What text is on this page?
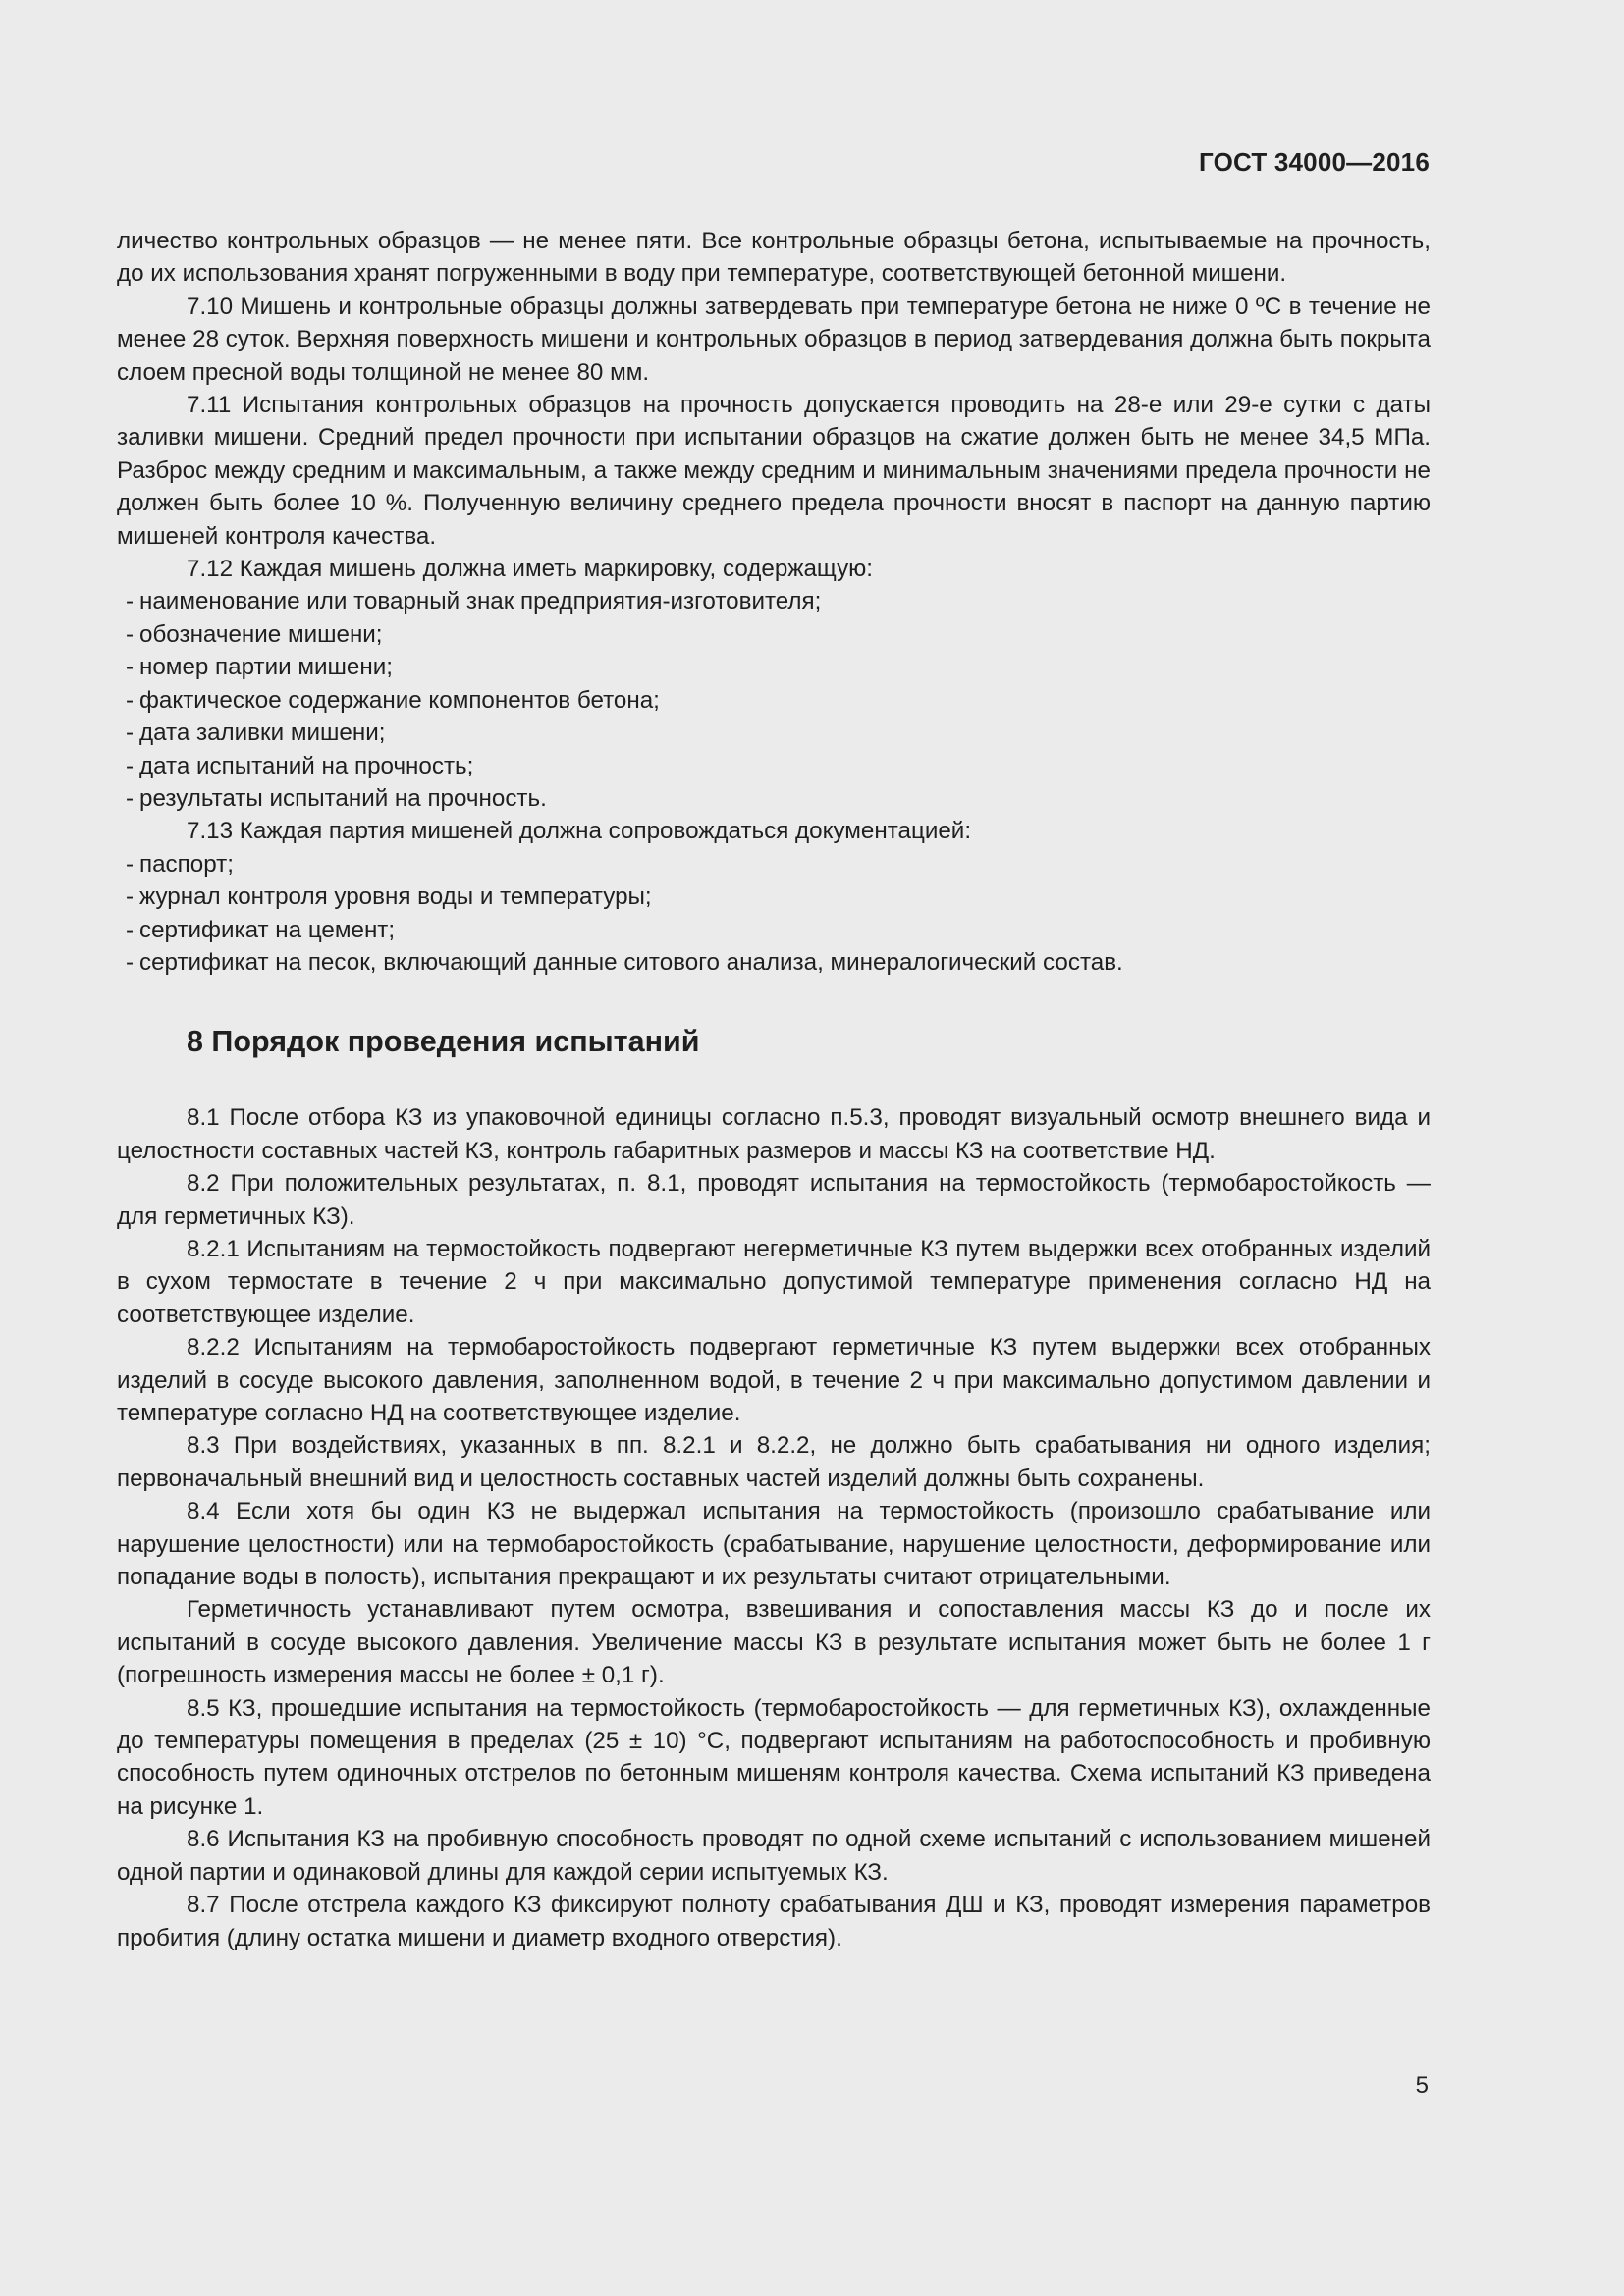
ГОСТ 34000—2016

личество контрольных образцов — не менее пяти. Все контрольные образцы бетона, испытываемые на прочность, до их использования хранят погруженными в воду при температуре, соответствующей бетонной мишени.

7.10 Мишень и контрольные образцы должны затвердевать при температуре бетона не ниже 0 ºС в течение не менее 28 суток. Верхняя поверхность мишени и контрольных образцов в период затвердевания должна быть покрыта слоем пресной воды толщиной не менее 80 мм.

7.11 Испытания контрольных образцов на прочность допускается проводить на 28-е или 29-е сутки с даты заливки мишени. Средний предел прочности при испытании образцов на сжатие должен быть не менее 34,5 МПа. Разброс между средним и максимальным, а также между средним и минимальным значениями предела прочности не должен быть более 10 %. Полученную величину среднего предела прочности вносят в паспорт на данную партию мишеней контроля качества.

7.12 Каждая мишень должна иметь маркировку, содержащую:

- наименование или товарный знак предприятия-изготовителя;

- обозначение мишени;

- номер партии мишени;

- фактическое содержание компонентов бетона;

- дата заливки мишени;

- дата испытаний на прочность;

- результаты испытаний на прочность.

7.13 Каждая партия мишеней должна сопровождаться документацией:

- паспорт;

- журнал контроля уровня воды и температуры;

- сертификат на цемент;

- сертификат на песок, включающий данные ситового анализа, минералогический состав.

8 Порядок проведения испытаний

8.1 После отбора КЗ из упаковочной единицы согласно п.5.3, проводят визуальный осмотр внешнего вида и целостности составных частей КЗ, контроль габаритных размеров и массы КЗ на соответствие НД.

8.2 При положительных результатах, п. 8.1, проводят испытания на термостойкость (термобаростойкость — для герметичных КЗ).

8.2.1 Испытаниям на термостойкость подвергают негерметичные КЗ путем выдержки всех отобранных изделий в сухом термостате в течение 2 ч при максимально допустимой температуре применения согласно НД на соответствующее изделие.

8.2.2 Испытаниям на термобаростойкость подвергают герметичные КЗ путем выдержки всех отобранных изделий в сосуде высокого давления, заполненном водой, в течение 2 ч при максимально допустимом давлении и температуре согласно НД на соответствующее изделие.

8.3 При воздействиях, указанных в пп. 8.2.1 и 8.2.2, не должно быть срабатывания ни одного изделия; первоначальный внешний вид и целостность составных частей изделий должны быть сохранены.

8.4 Если хотя бы один КЗ не выдержал испытания на термостойкость (произошло срабатывание или нарушение целостности) или на термобаростойкость (срабатывание, нарушение целостности, деформирование или попадание воды в полость), испытания прекращают и их результаты считают отрицательными.

Герметичность устанавливают путем осмотра, взвешивания и сопоставления массы КЗ до и после их испытаний в сосуде высокого давления. Увеличение массы КЗ в результате испытания может быть не более 1 г (погрешность измерения массы не более ± 0,1 г).

8.5 КЗ, прошедшие испытания на термостойкость (термобаростойкость — для герметичных КЗ), охлажденные до температуры помещения в пределах (25 ± 10) °С, подвергают испытаниям на работоспособность и пробивную способность путем одиночных отстрелов по бетонным мишеням контроля качества. Схема испытаний КЗ приведена на рисунке 1.

8.6 Испытания КЗ на пробивную способность проводят по одной схеме испытаний с использованием мишеней одной партии и одинаковой длины для каждой серии испытуемых КЗ.

8.7 После отстрела каждого КЗ фиксируют полноту срабатывания ДШ и КЗ, проводят измерения параметров пробития (длину остатка мишени и диаметр входного отверстия).

5
